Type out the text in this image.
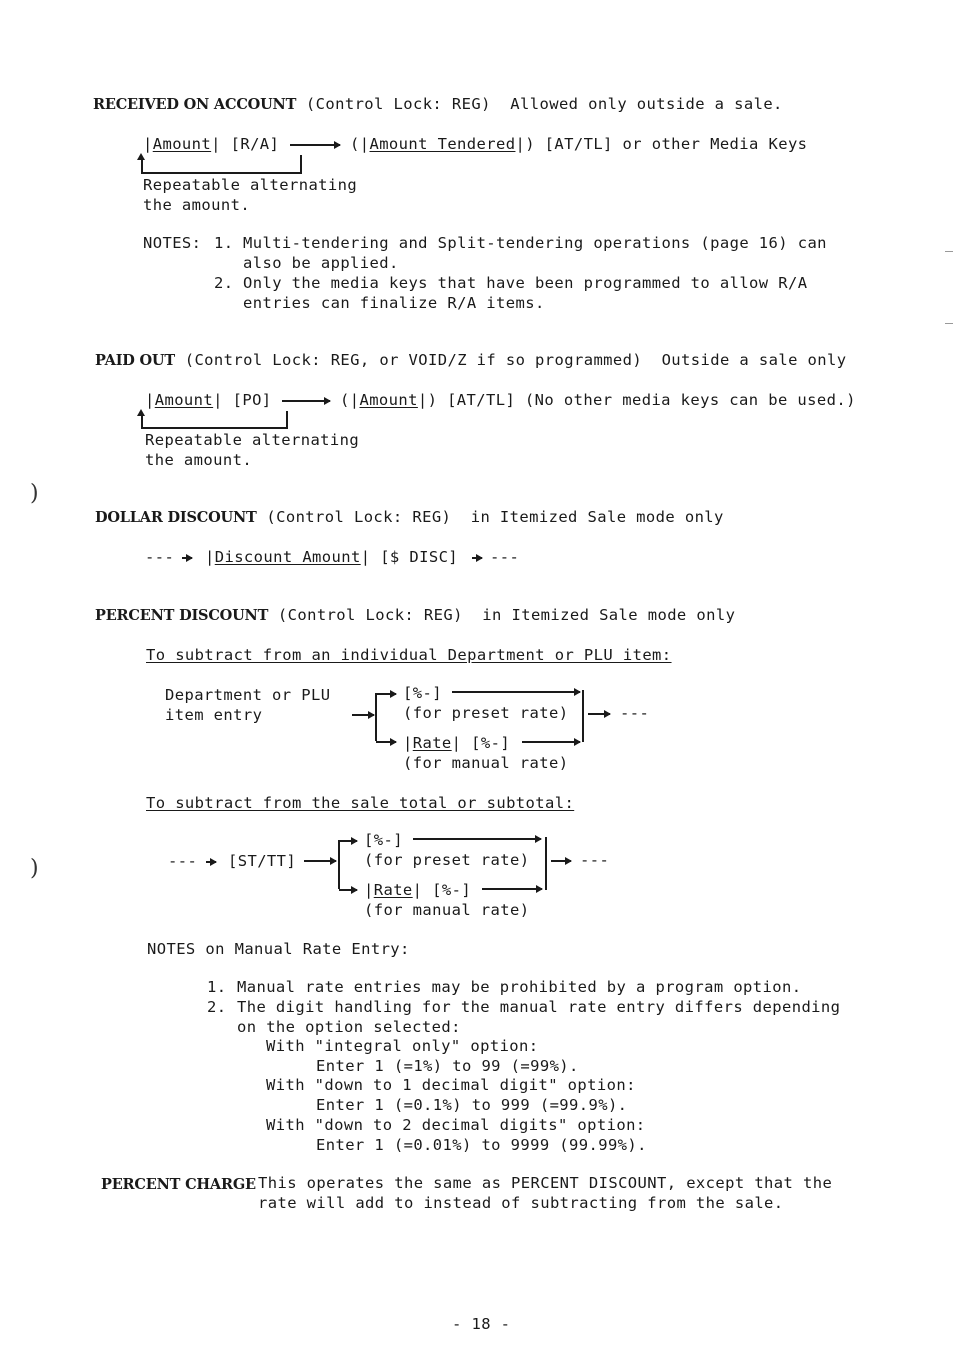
RECEIVED ON ACCOUNT (Control Lock: REG)  Allowed only outside a sale.
| Amount | [R/A]	( | Amount Tendered | ) [AT/TL] or other Media Keys
Repeatable alternating
the amount.
NOTES: 1. Multi-tendering and Split-tendering operations (page 16) can
also be applied.
2. Only the media keys that have been programmed to allow R/A
entries can finalize R/A items.
PAID OUT (Control Lock: REG, or VOID/Z if so programmed)  Outside a sale only
| Amount | [PO]	( | Amount | ) [AT/TL] (No other media keys can be used.)
Repeatable alternating
the amount.
)
DOLLAR DISCOUNT (Control Lock: REG)  in Itemized Sale mode only
---	| Discount Amount | [$ DISC] ---
PERCENT DISCOUNT (Control Lock: REG)  in Itemized Sale mode only
To subtract from an individual Department or PLU item:
Department or PLU
item entry
[%-]
(for preset rate)
| Rate | [%-]
(for manual rate)
---
To subtract from the sale total or subtotal:
)	--- [ST/TT]
[%-]
(for preset rate)
| Rate | [%-]
(for manual rate)
---
NOTES on Manual Rate Entry:
1. Manual rate entries may be prohibited by a program option.
2. The digit handling for the manual rate entry differs depending
on the option selected:
With "integral only" option:
Enter 1 (=1%) to 99 (=99%).
With "down to 1 decimal digit" option:
Enter 1 (=0.1%) to 999 (=99.9%).
With "down to 2 decimal digits" option:
Enter 1 (=0.01%) to 9999 (99.99%).
PERCENT CHARGE This operates the same as PERCENT DISCOUNT, except that the
rate will add to instead of subtracting from the sale.
- 18 -
